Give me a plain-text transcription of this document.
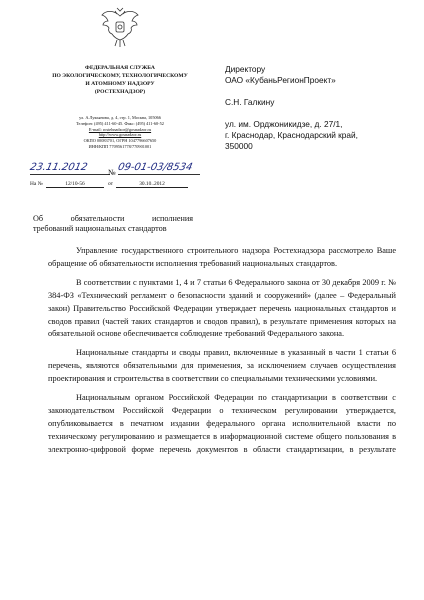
ФЕДЕРАЛЬНАЯ СЛУЖБА
ПО ЭКОЛОГИЧЕСКОМУ, ТЕХНОЛОГИЧЕСКОМУ
И АТОМНОМУ НАДЗОРУ
(РОСТЕХНАДЗОР)
ул. А.Лукьянова, д. 4, стр. 1, Москва, 105066
Телефон: (495) 411-60-45. Факс: (495) 411-60-52
E-mail: rostehnadzor@gosnadzor.ru
http://www.gosnadzor.ru
ОКПО 00083701, ОГРН 1047796607650
ИНН/КПП 7709561778/770901001
23.11.2012 № 09-01-03/8534
На №	12/10-56	от	30.10..2012
Об	обязательности	исполнения
требований национальных стандартов
Директору
ОАО «КубаньРегионПроект»

С.Н. Галкину

ул. им. Орджоникидзе, д. 27/1,
г. Краснодар, Краснодарский край,
350000

Управление государственного строительного надзора Ростехнадзора рассмотрело Ваше обращение об обязательности исполнения требований национальных стандартов.

В соответствии с пунктами 1, 4 и 7 статьи 6 Федерального закона от 30 декабря 2009 г. № 384-ФЗ «Технический регламент о безопасности зданий и сооружений» (далее – Федеральный закон) Правительство Российской Федерации утверждает перечень национальных стандартов и сводов правил (частей таких стандартов и сводов правил), в результате применения которых на обязательной основе обеспечивается соблюдение требований Федерального закона.

Национальные стандарты и своды правил, включенные в указанный в части 1 статьи 6 перечень, являются обязательными для применения, за исключением случаев осуществления проектирования и строительства в соответствии со специальными техническими условиями.

Национальным органом Российской Федерации по стандартизации в соответствии с законодательством Российской Федерации о техническом регулировании утверждается, опубликовывается в печатном издании федерального органа исполнительной власти по техническому регулированию и размещается в информационной системе общего пользования в электронно-цифровой форме перечень документов в области стандартизации, в результате
